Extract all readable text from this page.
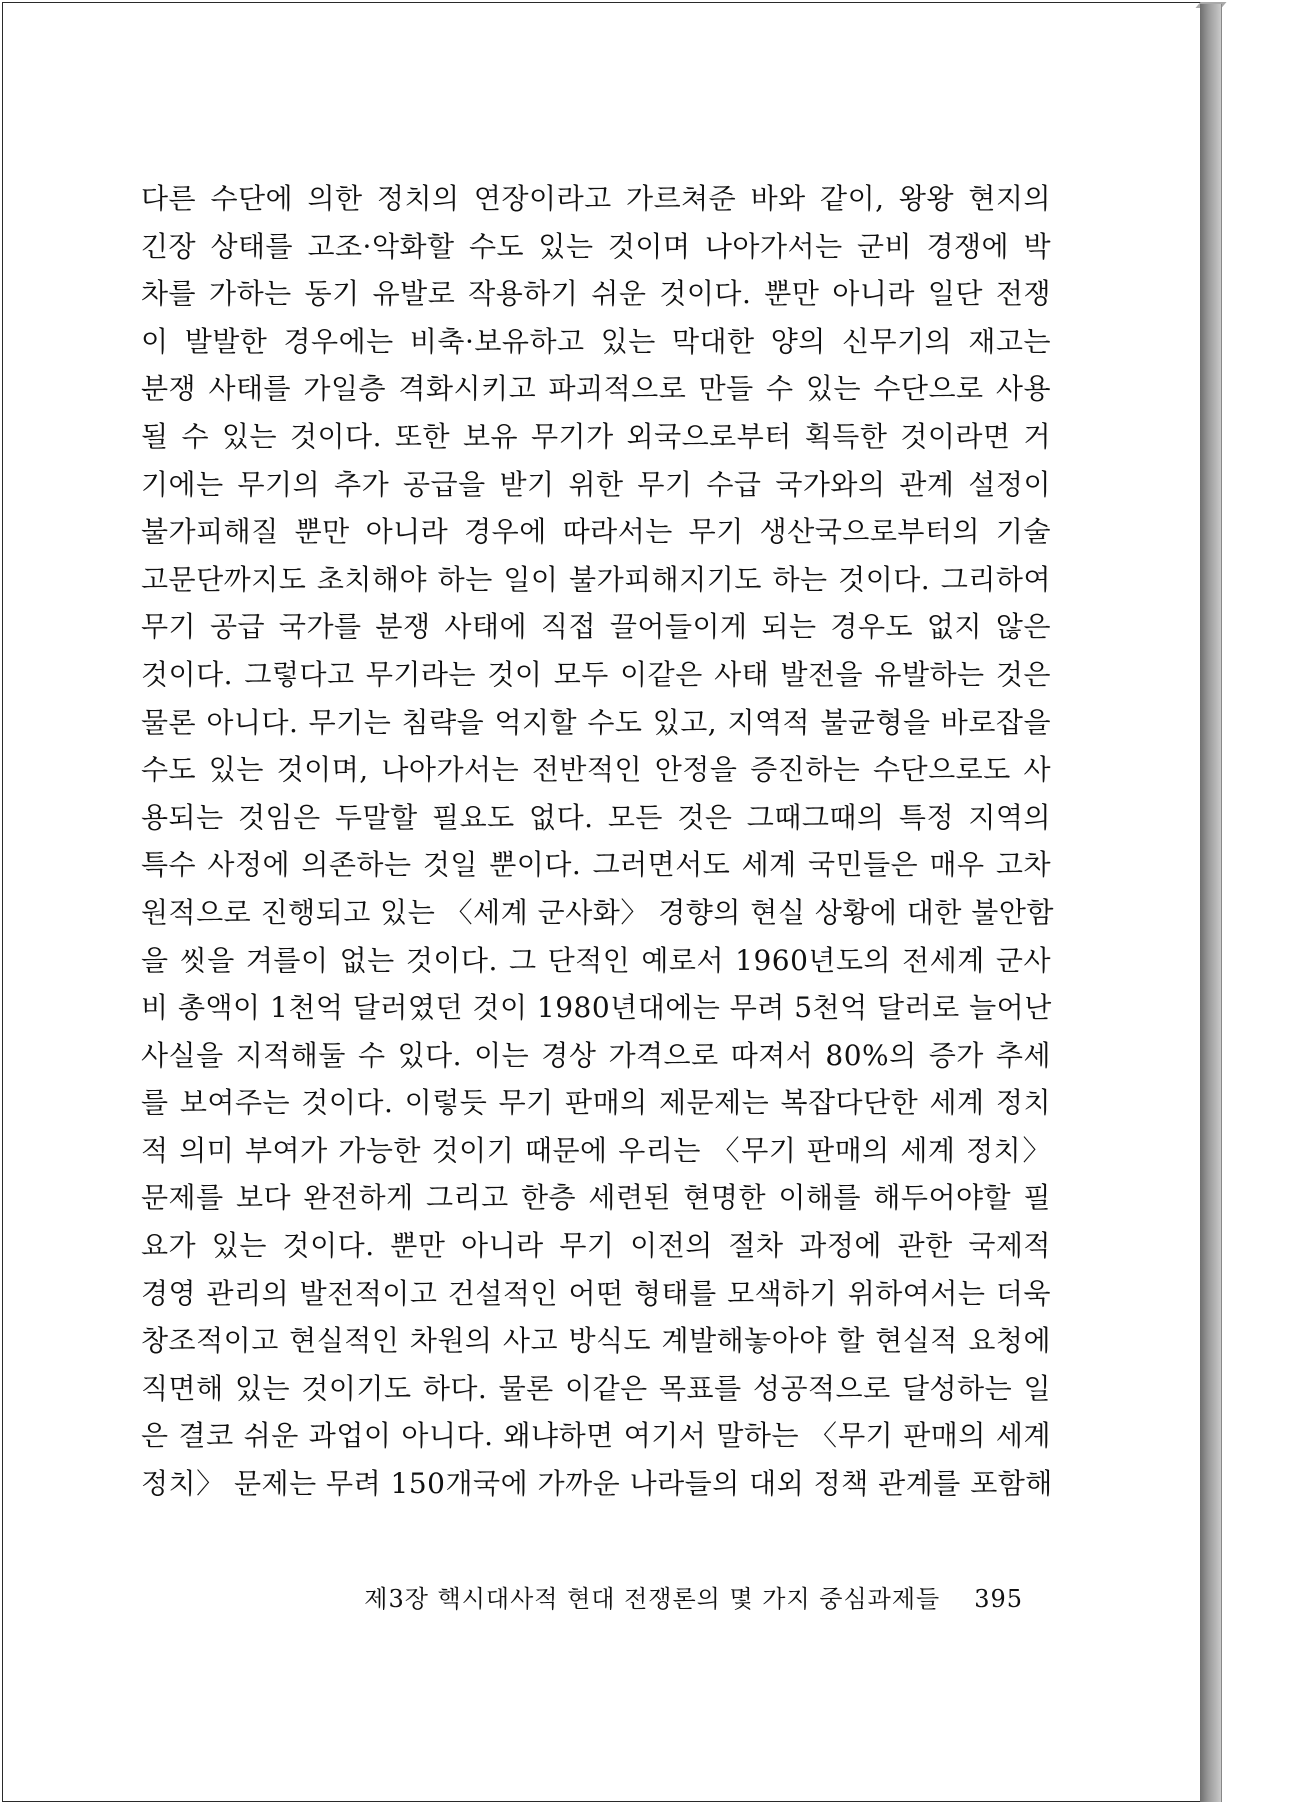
다른 수단에 의한 정치의 연장이라고 가르쳐준 바와 같이, 왕왕 현지의
긴장 상태를 고조·악화할 수도 있는 것이며 나아가서는 군비 경쟁에 박
차를 가하는 동기 유발로 작용하기 쉬운 것이다. 뿐만 아니라 일단 전쟁
이 발발한 경우에는 비축·보유하고 있는 막대한 양의 신무기의 재고는
분쟁 사태를 가일층 격화시키고 파괴적으로 만들 수 있는 수단으로 사용
될 수 있는 것이다. 또한 보유 무기가 외국으로부터 획득한 것이라면 거
기에는 무기의 추가 공급을 받기 위한 무기 수급 국가와의 관계 설정이
불가피해질 뿐만 아니라 경우에 따라서는 무기 생산국으로부터의 기술
고문단까지도 초치해야 하는 일이 불가피해지기도 하는 것이다. 그리하여
무기 공급 국가를 분쟁 사태에 직접 끌어들이게 되는 경우도 없지 않은
것이다. 그렇다고 무기라는 것이 모두 이같은 사태 발전을 유발하는 것은
물론 아니다. 무기는 침략을 억지할 수도 있고, 지역적 불균형을 바로잡을
수도 있는 것이며, 나아가서는 전반적인 안정을 증진하는 수단으로도 사
용되는 것임은 두말할 필요도 없다. 모든 것은 그때그때의 특정 지역의
특수 사정에 의존하는 것일 뿐이다. 그러면서도 세계 국민들은 매우 고차
원적으로 진행되고 있는 〈세계 군사화〉 경향의 현실 상황에 대한 불안함
을 씻을 겨를이 없는 것이다. 그 단적인 예로서 1960년도의 전세계 군사
비 총액이 1천억 달러였던 것이 1980년대에는 무려 5천억 달러로 늘어난
사실을 지적해둘 수 있다. 이는 경상 가격으로 따져서 80%의 증가 추세
를 보여주는 것이다. 이렇듯 무기 판매의 제문제는 복잡다단한 세계 정치
적 의미 부여가 가능한 것이기 때문에 우리는 〈무기 판매의 세계 정치〉
문제를 보다 완전하게 그리고 한층 세련된 현명한 이해를 해두어야할 필
요가 있는 것이다. 뿐만 아니라 무기 이전의 절차 과정에 관한 국제적
경영 관리의 발전적이고 건설적인 어떤 형태를 모색하기 위하여서는 더욱
창조적이고 현실적인 차원의 사고 방식도 계발해놓아야 할 현실적 요청에
직면해 있는 것이기도 하다. 물론 이같은 목표를 성공적으로 달성하는 일
은 결코 쉬운 과업이 아니다. 왜냐하면 여기서 말하는 〈무기 판매의 세계
정치〉 문제는 무려 150개국에 가까운 나라들의 대외 정책 관계를 포함해
제3장 핵시대사적 현대 전쟁론의 몇 가지 중심과제들 395
